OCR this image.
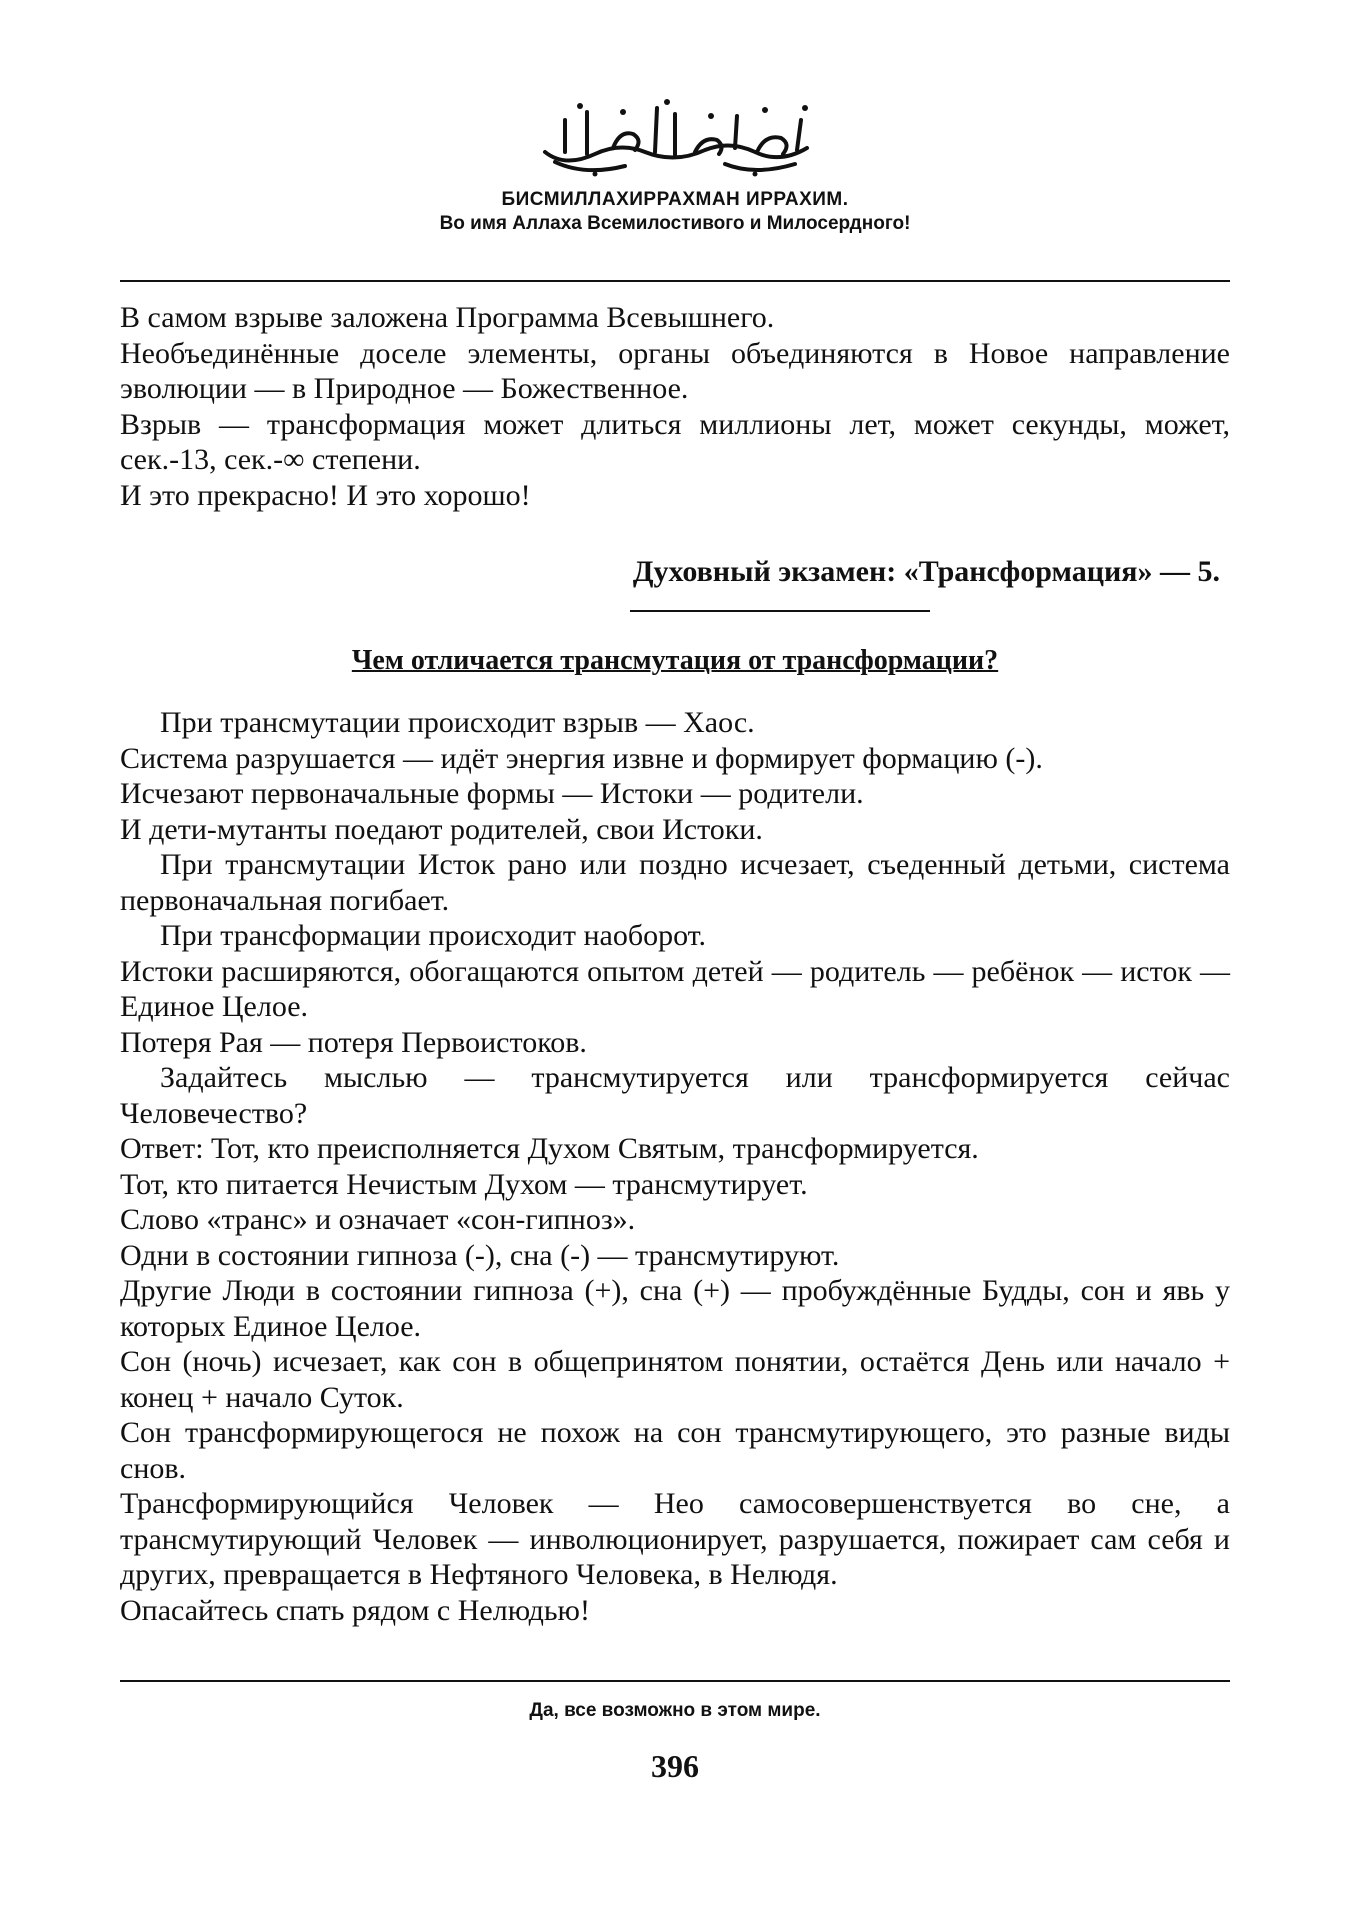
БИСМИЛЛАХИРРАХМАН ИРРАХИМ.
Во имя Аллаха Всемилостивого и Милосердного!

В самом взрыве заложена Программа Всевышнего.

Необъединённые доселе элементы, органы объединяются в Новое направление эволюции — в Природное — Божественное.

Взрыв — трансформация может длиться миллионы лет, может секунды, может, сек.-13, сек.-∞ степени.

И это прекрасно! И это хорошо!

Духовный экзамен: «Трансформация» — 5.
Чем отличается трансмутация от трансформации?

При трансмутации происходит взрыв — Хаос.

Система разрушается — идёт энергия извне и формирует формацию (-).

Исчезают первоначальные формы — Истоки — родители.

И дети-мутанты поедают родителей, свои Истоки.

При трансмутации Исток рано или поздно исчезает, съеденный детьми, система первоначальная погибает.

При трансформации происходит наоборот.

Истоки расширяются, обогащаются опытом детей — родитель — ребёнок — исток — Единое Целое.

Потеря Рая — потеря Первоистоков.

Задайтесь мыслью — трансмутируется или трансформируется сейчас Человечество?

Ответ: Тот, кто преисполняется Духом Святым, трансформируется.

Тот, кто питается Нечистым Духом — трансмутирует.

Слово «транс» и означает «сон-гипноз».

Одни в состоянии гипноза (-), сна (-) — трансмутируют.

Другие Люди в состоянии гипноза (+), сна (+) — пробуждённые Будды, сон и явь у которых Единое Целое.

Сон (ночь) исчезает, как сон в общепринятом понятии, остаётся День или начало + конец + начало Суток.

Сон трансформирующегося не похож на сон трансмутирующего, это разные виды снов.

Трансформирующийся Человек — Нео самосовершенствуется во сне, а трансмутирующий Человек — инволюционирует, разрушается, пожирает сам себя и других, превращается в Нефтяного Человека, в Нелюдя.

Опасайтесь спать рядом с Нелюдью!

Да, все возможно в этом мире.
396
